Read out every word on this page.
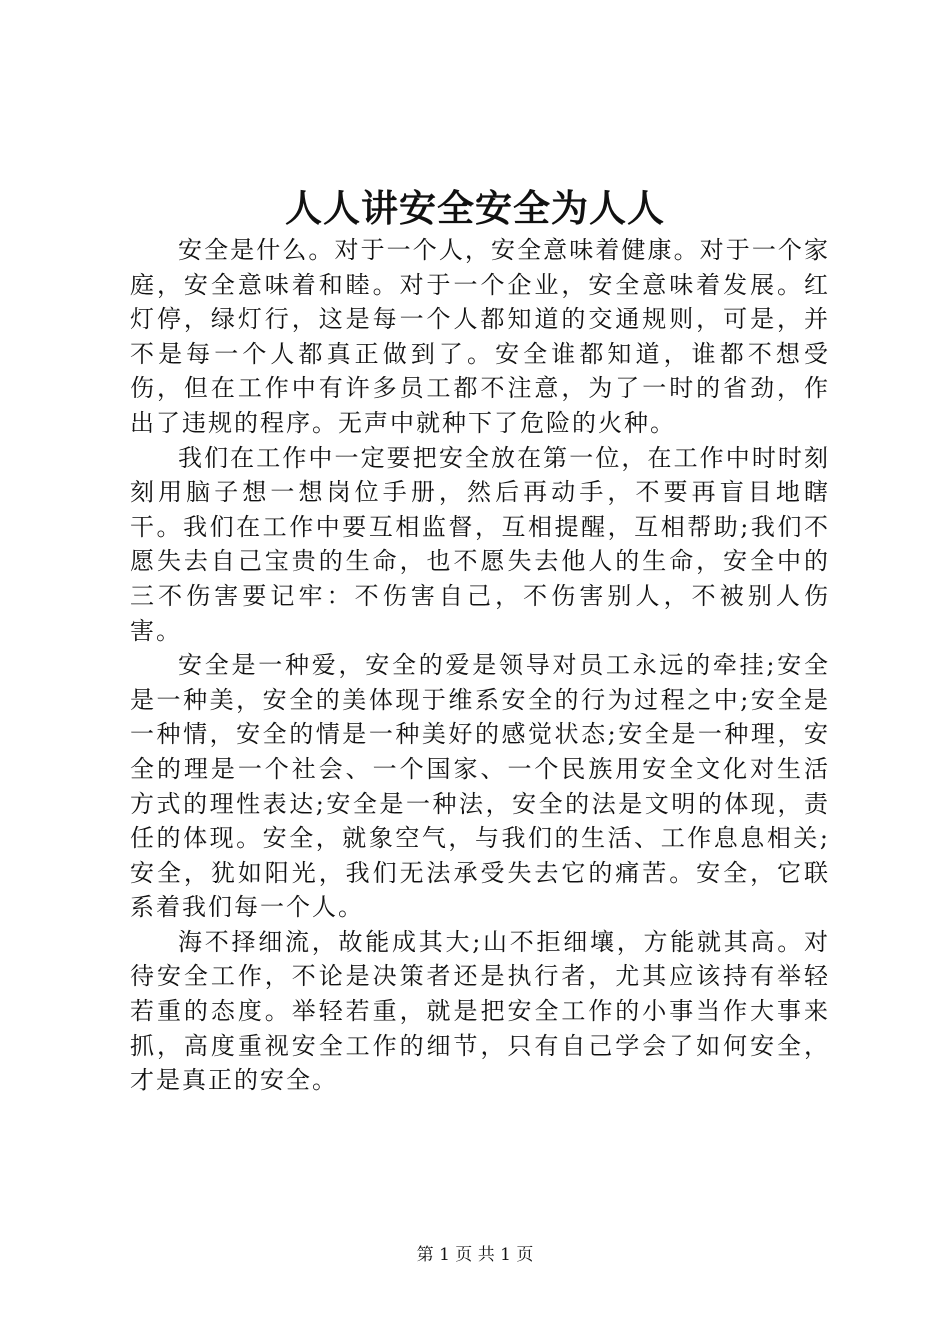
人人讲安全安全为人人

安全是什么。对于一个人，安全意味着健康。对于一个家庭，安全意味着和睦。对于一个企业，安全意味着发展。红灯停，绿灯行，这是每一个人都知道的交通规则，可是，并不是每一个人都真正做到了。安全谁都知道，谁都不想受伤，但在工作中有许多员工都不注意，为了一时的省劲，作出了违规的程序。无声中就种下了危险的火种。

我们在工作中一定要把安全放在第一位，在工作中时时刻刻用脑子想一想岗位手册，然后再动手，不要再盲目地瞎干。我们在工作中要互相监督，互相提醒，互相帮助;我们不愿失去自己宝贵的生命，也不愿失去他人的生命，安全中的三不伤害要记牢：不伤害自己，不伤害别人，不被别人伤害。

安全是一种爱，安全的爱是领导对员工永远的牵挂;安全是一种美，安全的美体现于维系安全的行为过程之中;安全是一种情，安全的情是一种美好的感觉状态;安全是一种理，安全的理是一个社会、一个国家、一个民族用安全文化对生活方式的理性表达;安全是一种法，安全的法是文明的体现，责任的体现。安全，就象空气，与我们的生活、工作息息相关;安全，犹如阳光，我们无法承受失去它的痛苦。安全，它联系着我们每一个人。

海不择细流，故能成其大;山不拒细壤，方能就其高。对待安全工作，不论是决策者还是执行者，尤其应该持有举轻若重的态度。举轻若重，就是把安全工作的小事当作大事来抓，高度重视安全工作的细节，只有自己学会了如何安全，才是真正的安全。

第 1 页 共 1 页
